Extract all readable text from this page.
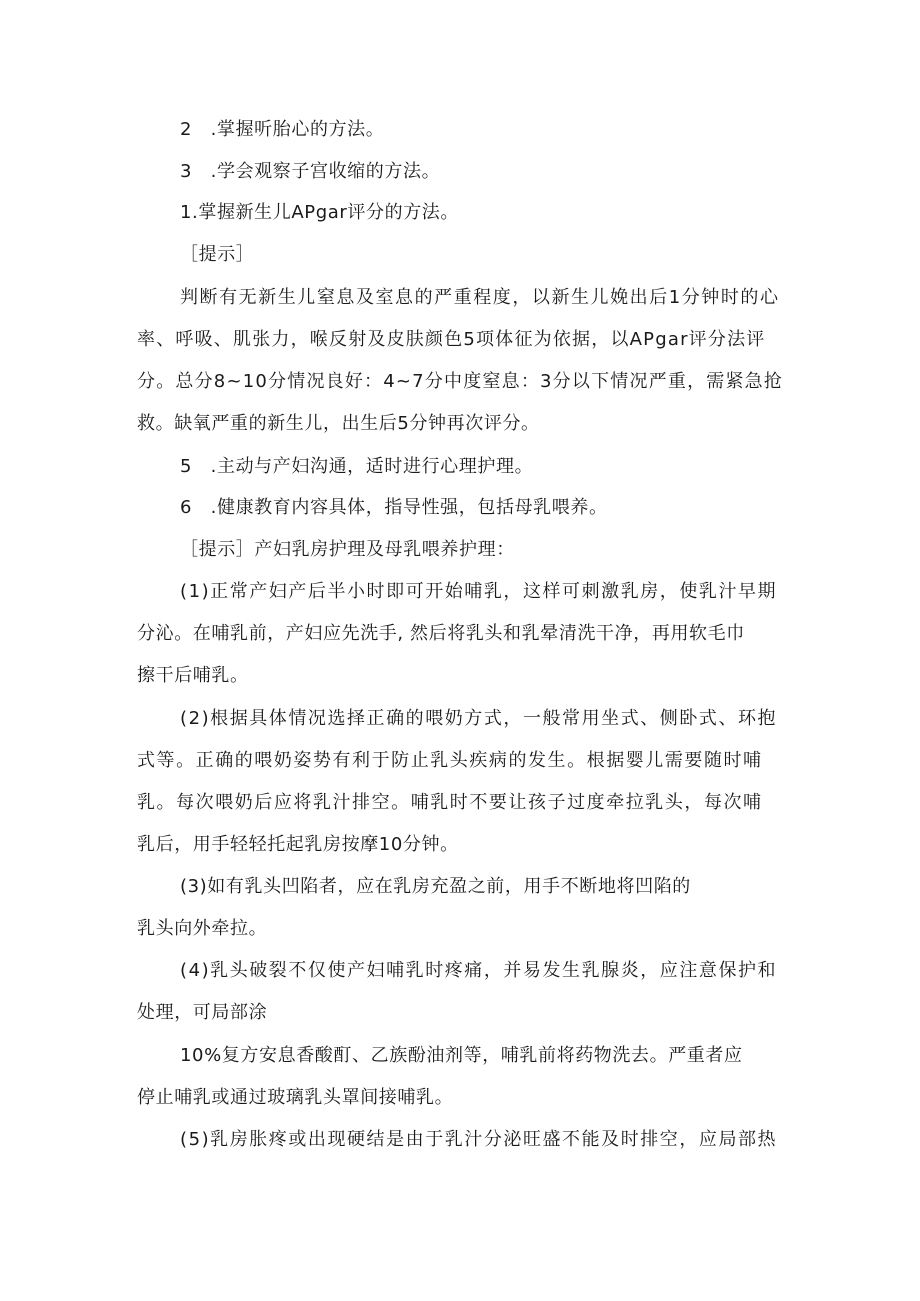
2　.掌握听胎心的方法。
3　.学会观察子宫收缩的方法。
1.掌握新生儿APgar评分的方法。
［提示］
判断有无新生儿窒息及室息的严重程度，以新生儿娩出后1分钟时的心
率、呼吸、肌张力，喉反射及皮肤颜色5项体征为依据，以APgar评分法评
分。总分8~10分情况良好：4~7分中度窒息：3分以下情况严重，需紧急抢
救。缺氧严重的新生儿，出生后5分钟再次评分。
5　.主动与产妇沟通，适时进行心理护理。
6　.健康教育内容具体，指导性强，包括母乳喂养。
［提示］产妇乳房护理及母乳喂养护理：
(1)正常产妇产后半小时即可开始哺乳，这样可刺激乳房，使乳汁早期
分沁。在哺乳前，产妇应先洗手, 然后将乳头和乳晕清洗干净，再用软毛巾
擦干后哺乳。
(2)根据具体情况选择正确的喂奶方式，一般常用坐式、侧卧式、环抱
式等。正确的喂奶姿势有利于防止乳头疾病的发生。根据婴儿需要随时哺
乳。每次喂奶后应将乳汁排空。哺乳时不要让孩子过度牵拉乳头，每次哺
乳后，用手轻轻托起乳房按摩10分钟。
(3)如有乳头凹陷者，应在乳房充盈之前，用手不断地将凹陷的
乳头向外牵拉。
(4)乳头破裂不仅使产妇哺乳时疼痛，并易发生乳腺炎，应注意保护和
处理，可局部涂
10%复方安息香酸酊、乙族酚油剂等，哺乳前将药物洗去。严重者应
停止哺乳或通过玻璃乳头罩间接哺乳。
(5)乳房胀疼或出现硬结是由于乳汁分泌旺盛不能及时排空，应局部热
